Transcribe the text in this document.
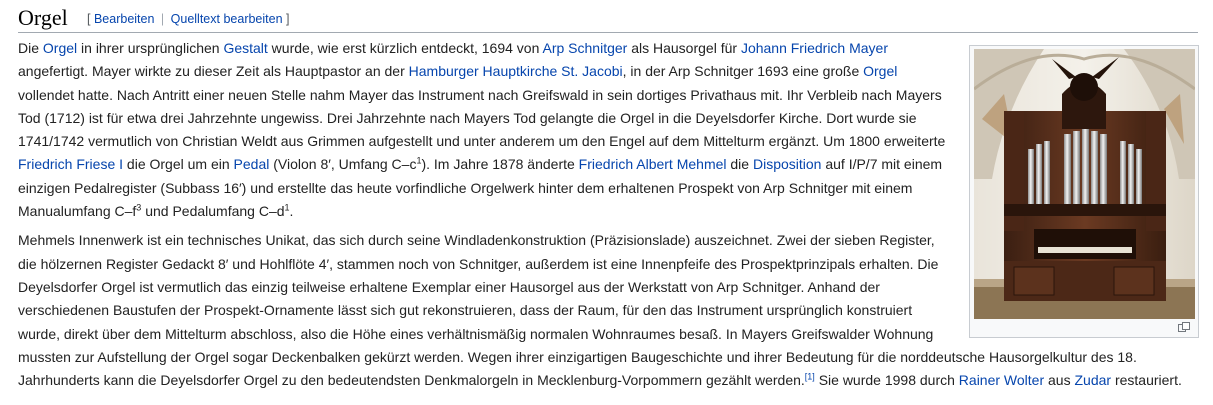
Orgel [ Bearbeiten | Quelltext bearbeiten ]

Die Orgel in ihrer ursprünglichen Gestalt wurde, wie erst kürzlich entdeckt, 1694 von Arp Schnitger als Hausorgel für Johann Friedrich Mayer angefertigt. Mayer wirkte zu dieser Zeit als Hauptpastor an der Hamburger Hauptkirche St. Jacobi, in der Arp Schnitger 1693 eine große Orgel vollendet hatte. Nach Antritt einer neuen Stelle nahm Mayer das Instrument nach Greifswald in sein dortiges Privathaus mit. Ihr Verbleib nach Mayers Tod (1712) ist für etwa drei Jahrzehnte ungewiss. Drei Jahrzehnte nach Mayers Tod gelangte die Orgel in die Deyelsdorfer Kirche. Dort wurde sie 1741/1742 vermutlich von Christian Weldt aus Grimmen aufgestellt und unter anderem um den Engel auf dem Mittelturm ergänzt. Um 1800 erweiterte Friedrich Friese I die Orgel um ein Pedal (Violon 8′, Umfang $C-c^1$). Im Jahre 1878 änderte Friedrich Albert Mehmel die Disposition auf I/P/7 mit einem einzigen Pedalregister (Subbass 16′) und erstellte das heute vorfindliche Orgelwerk hinter dem erhaltenen Prospekt von Arp Schnitger mit einem Manualumfang $C-f^3$ und Pedalumfang $C-d^1$.

Mehmels Innenwerk ist ein technisches Unikat, das sich durch seine Windladenkonstruktion (Präzisionslade) auszeichnet. Zwei der sieben Register, die hölzernen Register Gedackt 8′ und Hohlflöte 4′, stammen noch von Schnitger, außerdem ist eine Innenpfeife des Prospektprinzipals erhalten. Die Deyelsdorfer Orgel ist vermutlich das einzig teilweise erhaltene Exemplar einer Hausorgel aus der Werkstatt von Arp Schnitger. Anhand der verschiedenen Baustufen der Prospekt-Ornamente lässt sich gut rekonstruieren, dass der Raum, für den das Instrument ursprünglich konstruiert wurde, direkt über dem Mittelturm abschloss, also die Höhe eines verhältnismäßig normalen Wohnraumes besaß. In Mayers Greifswalder Wohnung mussten zur Aufstellung der Orgel sogar Deckenbalken gekürzt werden. Wegen ihrer einzigartigen Baugeschichte und ihrer Bedeutung für die norddeutsche Hausorgelkultur des 18. Jahrhunderts kann die Deyelsdorfer Orgel zu den bedeutendsten Denkmalorgeln in Mecklenburg-Vorpommern gezählt werden.[1] Sie wurde 1998 durch Rainer Wolter aus Zudar restauriert.
